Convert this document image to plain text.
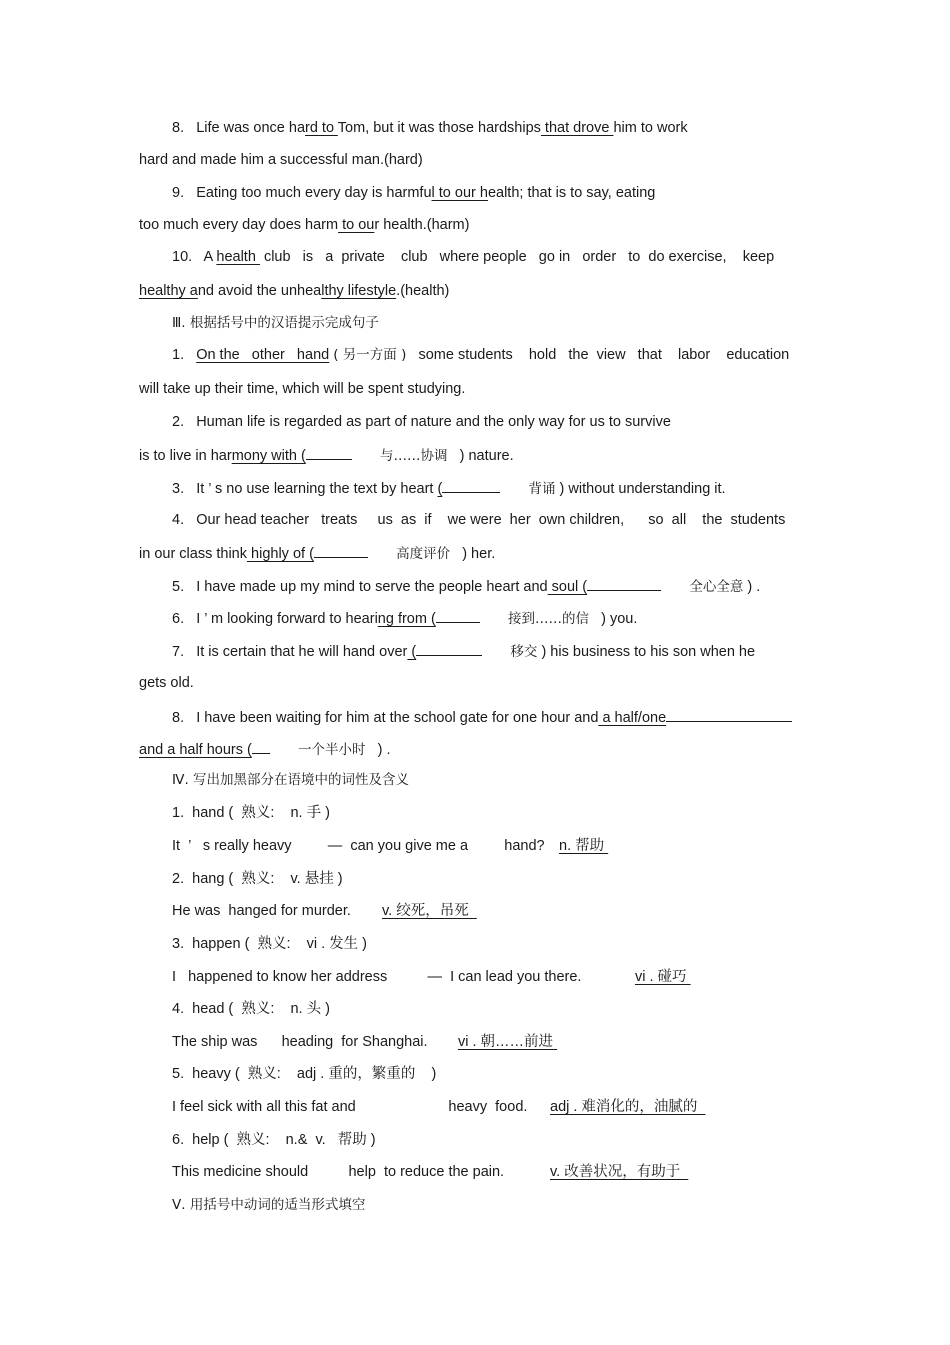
8. Life was once hard to Tom, but it was those hardships that drove him to work
hard and made him a successful man.(hard)
9. Eating too much every day is harmful to our health; that is to say, eating
too much every day does harm to our health.(harm)
10. A health  club   is   a  private    club   where people   go in   order   to  do exercise,    keep
healthy and avoid the unhealthy lifestyle.(health)
Ⅲ. 根据括号中的汉语提示完成句子
1. On the   other   hand ( 另一方面 ) some students    hold   the  view   that    labor    education
will take up their time, which will be spent studying.
2. Human life is regarded as part of nature and the only way for us to survive
is to live in harmony with (	与……协调 ) nature.
3. It ’ s no use learning the text by heart (	背诵 ) without understanding it.
4. Our head teacher   treats     us  as  if    we were  her  own children,      so  all    the  students
in our class think highly of (	高度评价 ) her.
5. I have made up my mind to serve the people heart and soul (	全心全意 ) .
6. I ’ m looking forward to hearing from (	接到……的信 ) you.
7. It is certain that he will hand over (	移交 ) his business to his son when he
gets old.
8. I have been waiting for him at the school gate for one hour and a half/one
and a half hours (	一个半小时 ) .
Ⅳ. 写出加黑部分在语境中的词性及含义
1.  hand (  熟义:    n. 手 )
It  ’   s really heavy         —  can you give me a         hand? n. 帮助
2.  hang (  熟义:    v. 悬挂 )
He was  hanged for murder. v. 绞死，吊死
3.  happen (  熟义:    vi . 发生 )
I   happened to know her address          —  I can lead you there.	vi . 碰巧
4.  head (  熟义:    n. 头 )
The ship was      heading  for Shanghai. vi . 朝……前进
5.  heavy (  熟义:    adj . 重的，繁重的    )
I feel sick with all this fat and                       heavy  food. adj . 难消化的，油腻的
6.  help (  熟义:    n.&  v.   帮助 )
This medicine should          help  to reduce the pain.	v. 改善状况，有助于
Ⅴ. 用括号中动词的适当形式填空
